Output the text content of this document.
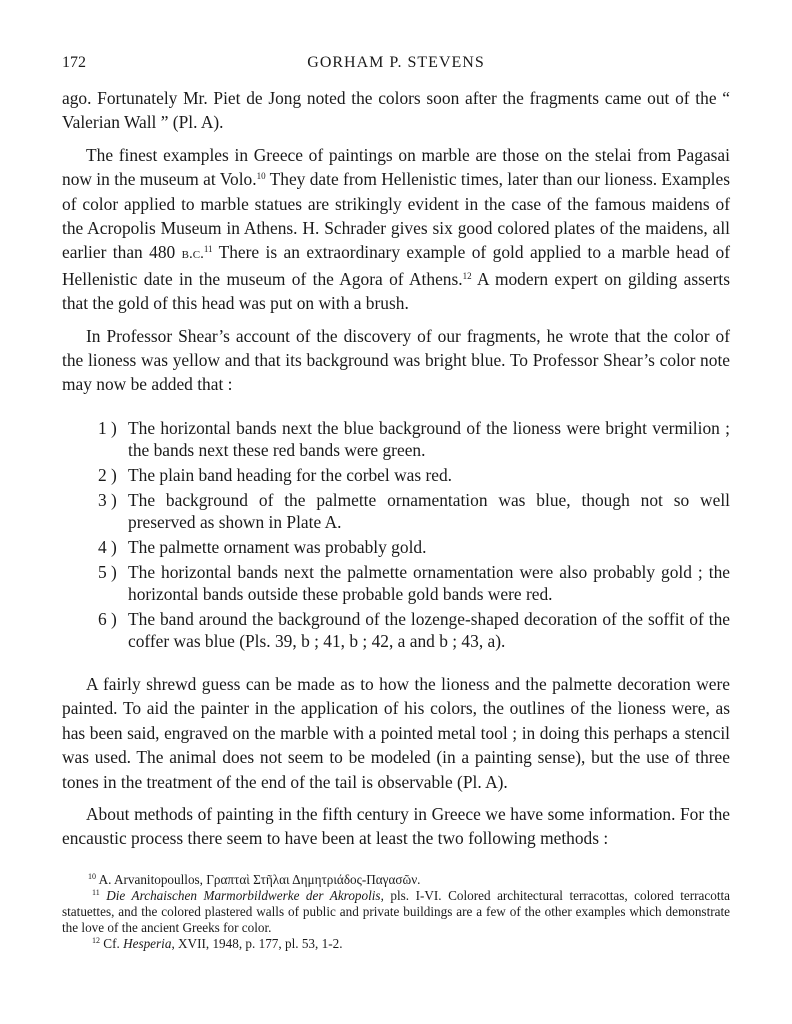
172	GORHAM P. STEVENS

ago. Fortunately Mr. Piet de Jong noted the colors soon after the fragments came out of the “ Valerian Wall ” (Pl. A).

The finest examples in Greece of paintings on marble are those on the stelai from Pagasai now in the museum at Volo.$^{10}$ They date from Hellenistic times, later than our lioness. Examples of color applied to marble statues are strikingly evident in the case of the famous maidens of the Acropolis Museum in Athens. H. Schrader gives six good colored plates of the maidens, all earlier than 480 b.c.$^{11}$ There is an extraordinary example of gold applied to a marble head of Hellenistic date in the museum of the Agora of Athens.$^{12}$ A modern expert on gilding asserts that the gold of this head was put on with a brush.

In Professor Shear’s account of the discovery of our fragments, he wrote that the color of the lioness was yellow and that its background was bright blue. To Professor Shear’s color note may now be added that :

1 ) The horizontal bands next the blue background of the lioness were bright vermilion ; the bands next these red bands were green.
2 ) The plain band heading for the corbel was red.
3 ) The background of the palmette ornamentation was blue, though not so well preserved as shown in Plate A.
4 ) The palmette ornament was probably gold.
5 ) The horizontal bands next the palmette ornamentation were also probably gold ; the horizontal bands outside these probable gold bands were red.
6 ) The band around the background of the lozenge-shaped decoration of the soffit of the coffer was blue (Pls. 39, b ; 41, b ; 42, a and b ; 43, a).

A fairly shrewd guess can be made as to how the lioness and the palmette decoration were painted. To aid the painter in the application of his colors, the outlines of the lioness were, as has been said, engraved on the marble with a pointed metal tool ; in doing this perhaps a stencil was used. The animal does not seem to be modeled (in a painting sense), but the use of three tones in the treatment of the end of the tail is observable (Pl. A).

About methods of painting in the fifth century in Greece we have some information. For the encaustic process there seem to have been at least the two following methods :

$^{10}$ A. Arvanitopoullos, Γραπταὶ Στῆλαι Δημητριάδος-Παγασῶν.

$^{11}$ Die Archaischen Marmorbildwerke der Akropolis, pls. I-VI. Colored architectural terracottas, colored terracotta statuettes, and the colored plastered walls of public and private buildings are a few of the other examples which demonstrate the love of the ancient Greeks for color.

$^{12}$ Cf. Hesperia, XVII, 1948, p. 177, pl. 53, 1-2.
